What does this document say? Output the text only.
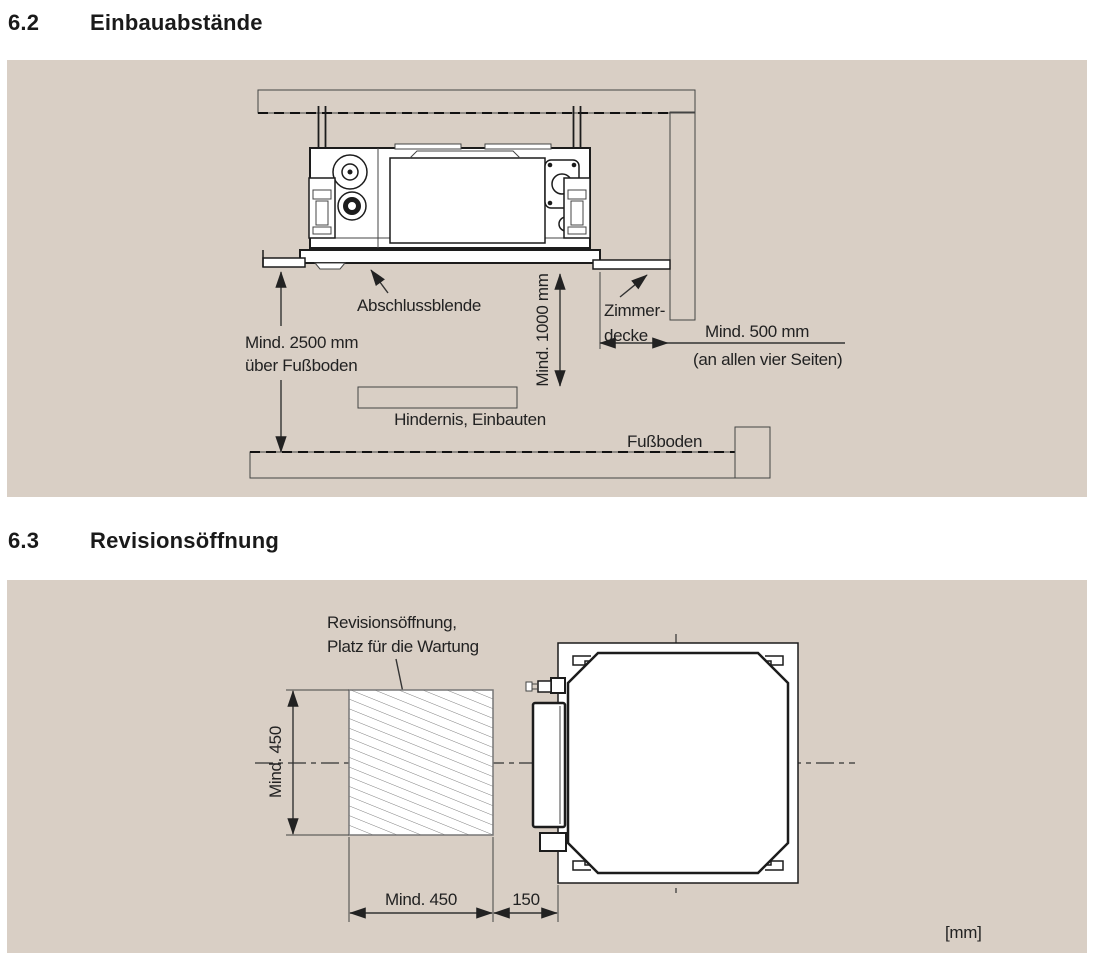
6.2	Einbauabstände
Abschlussblende
Mind. 2500 mm
über Fußboden	Mind. 1000 mm	Zimmer-
decke	Mind. 500 mm
(an allen vier Seiten)
Hindernis, Einbauten
Fußboden
6.3	Revisionsöffnung
Revisionsöffnung,
Platz für die Wartung
Mind. 450
Mind. 450	150
[mm]
